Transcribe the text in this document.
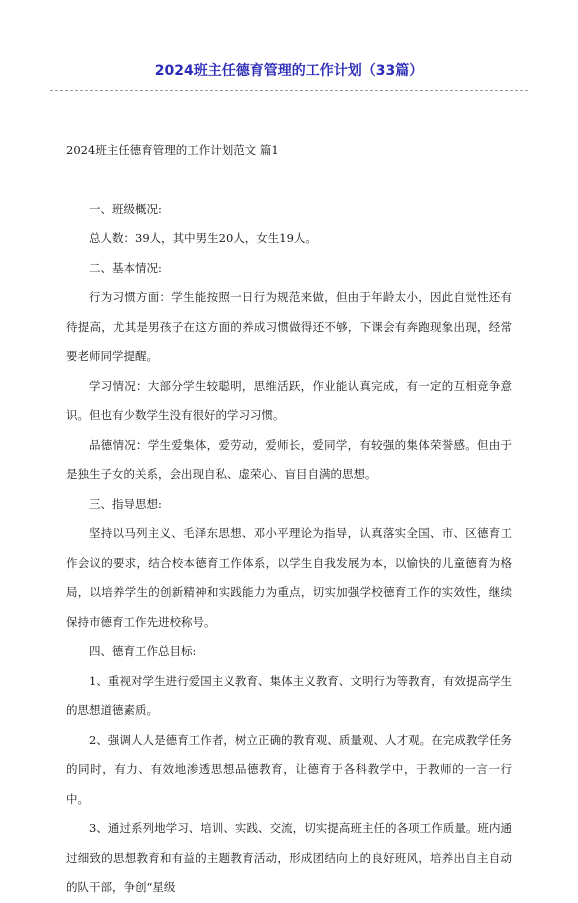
2024班主任德育管理的工作计划（33篇）

2024班主任德育管理的工作计划范文 篇1

一、班级概况:

总人数：39人，其中男生20人，女生19人。

二、基本情况:

行为习惯方面：学生能按照一日行为规范来做，但由于年龄太小，因此自觉性还有待提高，尤其是男孩子在这方面的养成习惯做得还不够，下课会有奔跑现象出现，经常要老师同学提醒。

学习情况：大部分学生较聪明，思维活跃，作业能认真完成，有一定的互相竞争意识。但也有少数学生没有很好的学习习惯。

品德情况：学生爱集体，爱劳动，爱师长，爱同学，有较强的集体荣誉感。但由于是独生子女的关系，会出现自私、虚荣心、盲目自满的思想。

三、指导思想:

坚持以马列主义、毛泽东思想、邓小平理论为指导，认真落实全国、市、区德育工作会议的要求，结合校本德育工作体系，以学生自我发展为本，以愉快的儿童德育为格局，以培养学生的创新精神和实践能力为重点，切实加强学校德育工作的实效性，继续保持市德育工作先进校称号。

四、德育工作总目标:

1、重视对学生进行爱国主义教育、集体主义教育、文明行为等教育，有效提高学生的思想道德素质。

2、强调人人是德育工作者，树立正确的教育观、质量观、人才观。在完成教学任务的同时，有力、有效地渗透思想品德教育，让德育于各科教学中，于教师的一言一行中。

3、通过系列地学习、培训、实践、交流，切实提高班主任的各项工作质量。班内通过细致的思想教育和有益的主题教育活动，形成团结向上的良好班风，培养出自主自动的队干部，争创“星级
